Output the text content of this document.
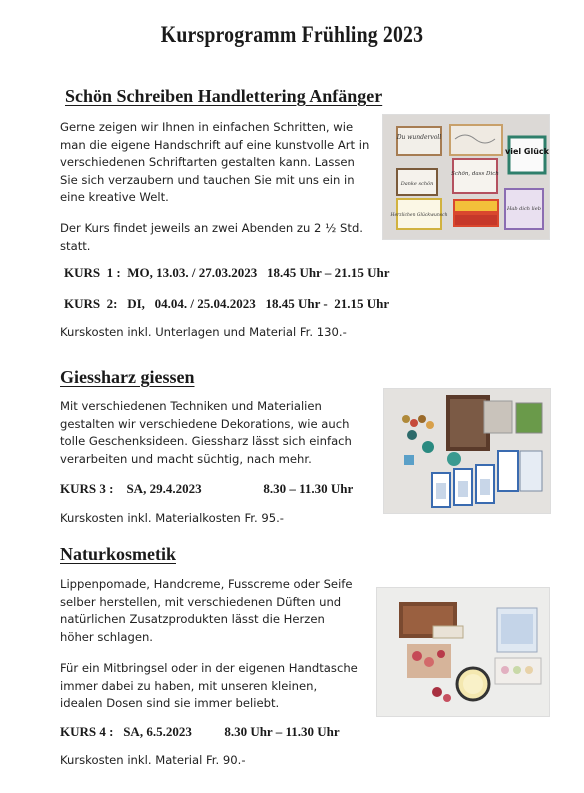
Kursprogramm Frühling 2023
Schön Schreiben Handlettering Anfänger
Gerne zeigen wir Ihnen in einfachen Schritten, wie man die eigene Handschrift auf eine kunstvolle Art in verschiedenen Schriftarten gestalten kann. Lassen Sie sich verzaubern und tauchen Sie mit uns ein in eine kreative Welt.
Der Kurs findet jeweils an zwei Abenden zu 2 ½ Std. statt.
KURS  1 :  MO, 13.03. / 27.03.2023   18.45 Uhr – 21.15 Uhr
KURS  2:   DI,   04.04. / 25.04.2023   18.45 Uhr -  21.15 Uhr
Kurskosten inkl. Unterlagen und Material Fr. 130.-
Du wundervoll
viel Glück
Schön, dass Dich
Danke schön
Herzlichen Glückwunsch
Hab dich lieb
Giessharz giessen
Mit verschiedenen Techniken und Materialien gestalten wir verschiedene Dekorations, wie auch tolle Geschenksideen. Giessharz lässt sich einfach verarbeiten und macht süchtig, nach mehr.
KURS 3 :    SA, 29.4.2023                   8.30 – 11.30 Uhr
Kurskosten inkl. Materialkosten Fr. 95.-
Naturkosmetik
Lippenpomade, Handcreme, Fusscreme oder Seife selber herstellen, mit verschiedenen Düften und natürlichen Zusatzprodukten lässt die Herzen höher schlagen.
Für ein Mitbringsel oder in der eigenen Handtasche immer dabei zu haben, mit unseren kleinen, idealen Dosen sind sie immer beliebt.
KURS 4 :   SA, 6.5.2023          8.30 Uhr – 11.30 Uhr
Kurskosten inkl. Material Fr. 90.-
